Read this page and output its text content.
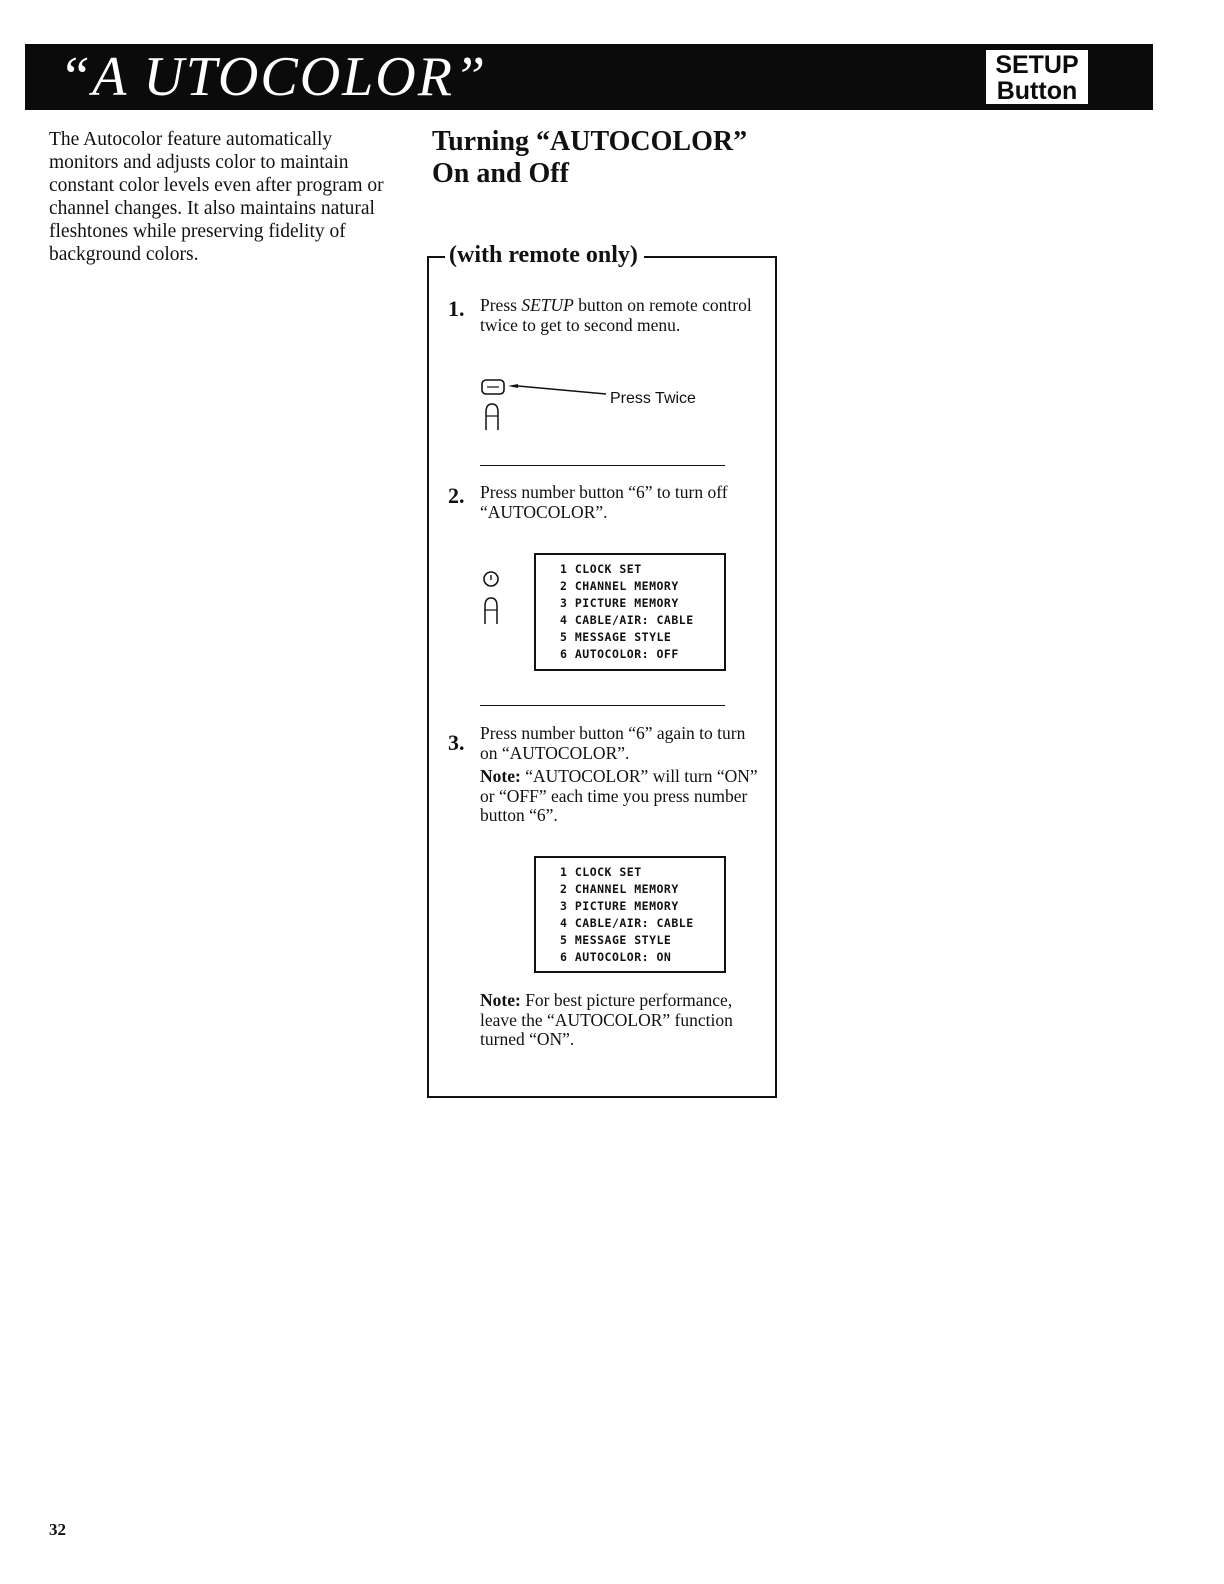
“A UTOCOLOR”	SETUP
Button
The Autocolor feature automatically monitors and adjusts color to maintain constant color levels even after program or channel changes. It also maintains natural fleshtones while preserving fidelity of background colors.
Turning “AUTOCOLOR”
On and Off
(with remote only)
1. Press SETUP button on remote control twice to get to second menu.
Press Twice
2. Press number button “6” to turn off “AUTOCOLOR”.
1 CLOCK SET
2 CHANNEL MEMORY
3 PICTURE MEMORY
4 CABLE/AIR: CABLE
5 MESSAGE STYLE
6 AUTOCOLOR: OFF
3. Press number button “6” again to turn on “AUTOCOLOR”.
Note: “AUTOCOLOR” will turn “ON” or “OFF” each time you press number button “6”.
1 CLOCK SET
2 CHANNEL MEMORY
3 PICTURE MEMORY
4 CABLE/AIR: CABLE
5 MESSAGE STYLE
6 AUTOCOLOR: ON
Note: For best picture performance, leave the “AUTOCOLOR” function turned “ON”.
32
